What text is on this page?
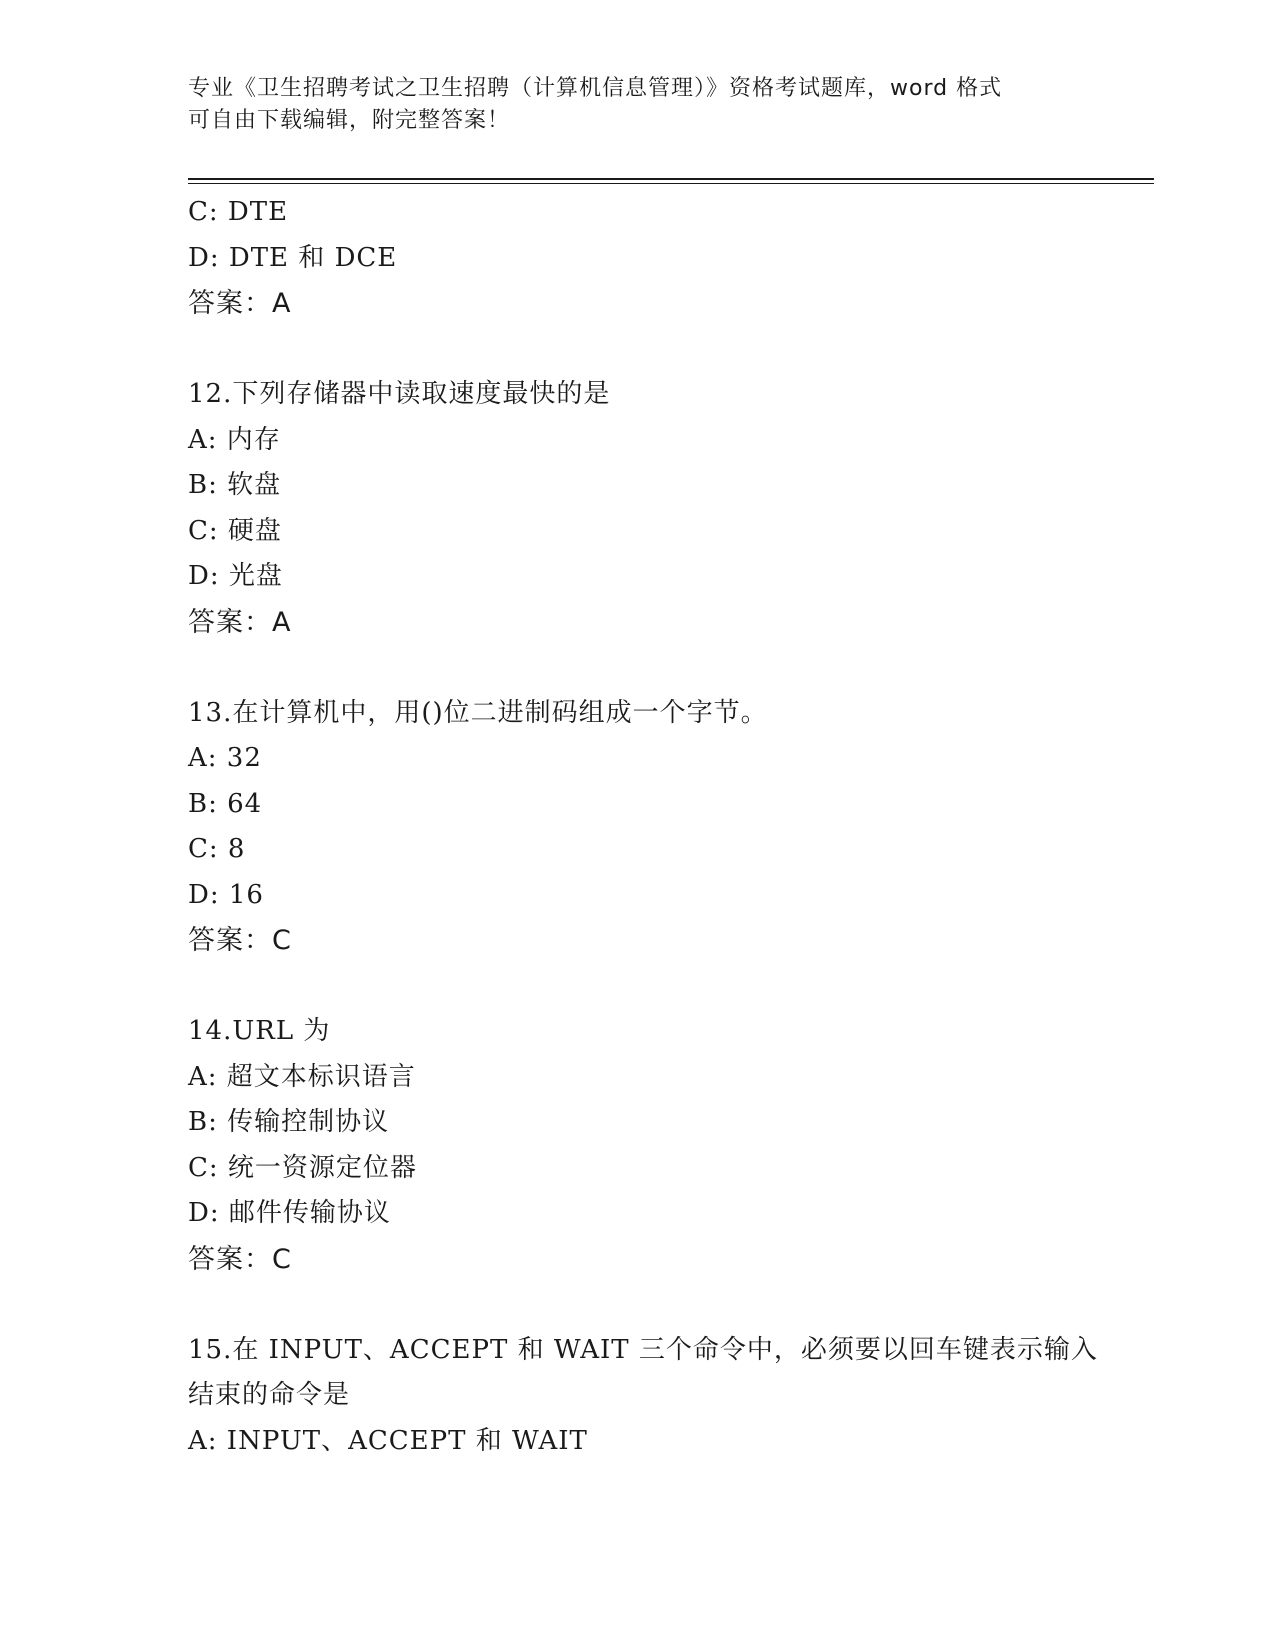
专业《卫生招聘考试之卫生招聘（计算机信息管理）》资格考试题库，word 格式
可自由下载编辑，附完整答案！
C: DTE
D: DTE 和 DCE
答案：A
12.下列存储器中读取速度最快的是
A: 内存
B: 软盘
C: 硬盘
D: 光盘
答案：A
13.在计算机中，用()位二进制码组成一个字节。
A: 32
B: 64
C: 8
D: 16
答案：C
14.URL 为
A: 超文本标识语言
B: 传输控制协议
C: 统一资源定位器
D: 邮件传输协议
答案：C
15.在 INPUT、ACCEPT 和 WAIT 三个命令中，必须要以回车键表示输入
结束的命令是
A: INPUT、ACCEPT 和 WAIT
